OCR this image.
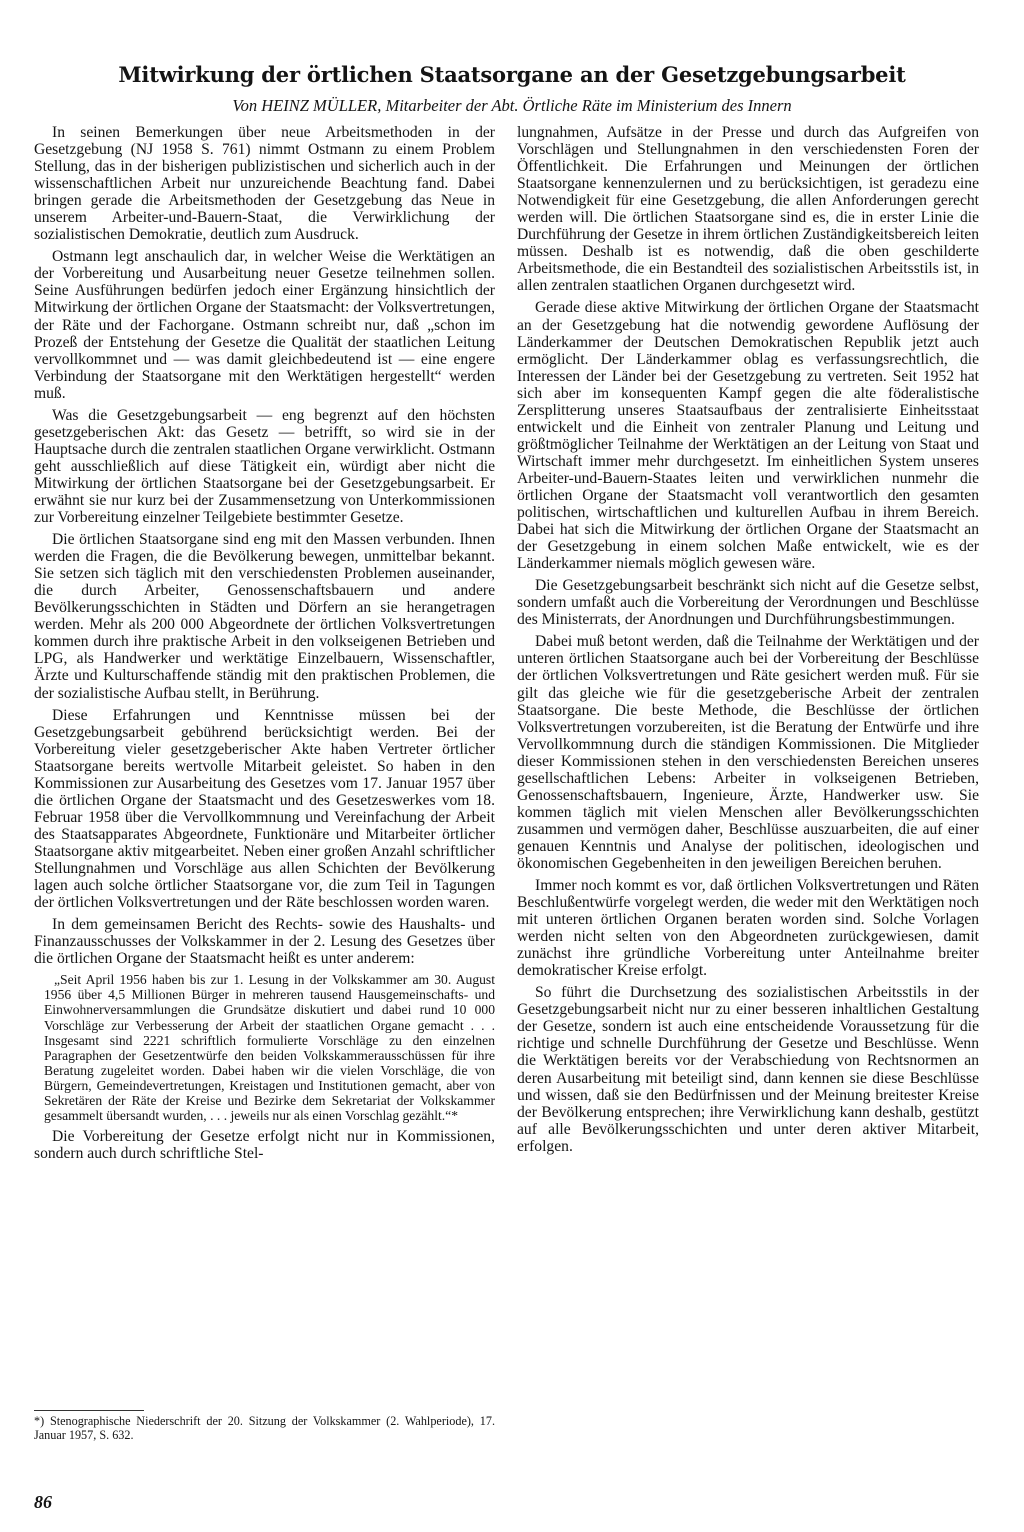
Mitwirkung der örtlichen Staatsorgane an der Gesetzgebungsarbeit
Von HEINZ MÜLLER, Mitarbeiter der Abt. Örtliche Räte im Ministerium des Innern

In seinen Bemerkungen über neue Arbeitsmethoden in der Gesetzgebung (NJ 1958 S. 761) nimmt Ostmann zu einem Problem Stellung, das in der bisherigen publizistischen und sicherlich auch in der wissenschaftlichen Arbeit nur unzureichende Beachtung fand. Dabei bringen gerade die Arbeitsmethoden der Gesetzgebung das Neue in unserem Arbeiter-und-Bauern-Staat, die Verwirklichung der sozialistischen Demokratie, deutlich zum Ausdruck.

Ostmann legt anschaulich dar, in welcher Weise die Werktätigen an der Vorbereitung und Ausarbeitung neuer Gesetze teilnehmen sollen. Seine Ausführungen bedürfen jedoch einer Ergänzung hinsichtlich der Mitwirkung der örtlichen Organe der Staatsmacht: der Volksvertretungen, der Räte und der Fachorgane. Ostmann schreibt nur, daß „schon im Prozeß der Entstehung der Gesetze die Qualität der staatlichen Leitung vervollkommnet und — was damit gleichbedeutend ist — eine engere Verbindung der Staatsorgane mit den Werktätigen hergestellt“ werden muß.

Was die Gesetzgebungsarbeit — eng begrenzt auf den höchsten gesetzgeberischen Akt: das Gesetz — betrifft, so wird sie in der Hauptsache durch die zentralen staatlichen Organe verwirklicht. Ostmann geht ausschließlich auf diese Tätigkeit ein, würdigt aber nicht die Mitwirkung der örtlichen Staatsorgane bei der Gesetzgebungsarbeit. Er erwähnt sie nur kurz bei der Zusammensetzung von Unterkommissionen zur Vorbereitung einzelner Teilgebiete bestimmter Gesetze.

Die örtlichen Staatsorgane sind eng mit den Massen verbunden. Ihnen werden die Fragen, die die Bevölkerung bewegen, unmittelbar bekannt. Sie setzen sich täglich mit den verschiedensten Problemen auseinander, die durch Arbeiter, Genossenschaftsbauern und andere Bevölkerungsschichten in Städten und Dörfern an sie herangetragen werden. Mehr als 200 000 Abgeordnete der örtlichen Volksvertretungen kommen durch ihre praktische Arbeit in den volkseigenen Betrieben und LPG, als Handwerker und werktätige Einzelbauern, Wissenschaftler, Ärzte und Kulturschaffende ständig mit den praktischen Problemen, die der sozialistische Aufbau stellt, in Berührung.

Diese Erfahrungen und Kenntnisse müssen bei der Gesetzgebungsarbeit gebührend berücksichtigt werden. Bei der Vorbereitung vieler gesetzgeberischer Akte haben Vertreter örtlicher Staatsorgane bereits wertvolle Mitarbeit geleistet. So haben in den Kommissionen zur Ausarbeitung des Gesetzes vom 17. Januar 1957 über die örtlichen Organe der Staatsmacht und des Gesetzeswerkes vom 18. Februar 1958 über die Vervollkommnung und Vereinfachung der Arbeit des Staatsapparates Abgeordnete, Funktionäre und Mitarbeiter örtlicher Staatsorgane aktiv mitgearbeitet. Neben einer großen Anzahl schriftlicher Stellungnahmen und Vorschläge aus allen Schichten der Bevölkerung lagen auch solche örtlicher Staatsorgane vor, die zum Teil in Tagungen der örtlichen Volksvertretungen und der Räte beschlossen worden waren.

In dem gemeinsamen Bericht des Rechts- sowie des Haushalts- und Finanzausschusses der Volkskammer in der 2. Lesung des Gesetzes über die örtlichen Organe der Staatsmacht heißt es unter anderem:

„Seit April 1956 haben bis zur 1. Lesung in der Volkskammer am 30. August 1956 über 4,5 Millionen Bürger in mehreren tausend Hausgemeinschafts- und Einwohnerversammlungen die Grundsätze diskutiert und dabei rund 10 000 Vorschläge zur Verbesserung der Arbeit der staatlichen Organe gemacht . . . Insgesamt sind 2221 schriftlich formulierte Vorschläge zu den einzelnen Paragraphen der Gesetzentwürfe den beiden Volkskammerausschüssen für ihre Beratung zugeleitet worden. Dabei haben wir die vielen Vorschläge, die von Bürgern, Gemeindevertretungen, Kreistagen und Institutionen gemacht, aber von Sekretären der Räte der Kreise und Bezirke dem Sekretariat der Volkskammer gesammelt übersandt wurden, . . . jeweils nur als einen Vorschlag gezählt.“*

Die Vorbereitung der Gesetze erfolgt nicht nur in Kommissionen, sondern auch durch schriftliche Stel-

lungnahmen, Aufsätze in der Presse und durch das Aufgreifen von Vorschlägen und Stellungnahmen in den verschiedensten Foren der Öffentlichkeit. Die Erfahrungen und Meinungen der örtlichen Staatsorgane kennenzulernen und zu berücksichtigen, ist geradezu eine Notwendigkeit für eine Gesetzgebung, die allen Anforderungen gerecht werden will. Die örtlichen Staatsorgane sind es, die in erster Linie die Durchführung der Gesetze in ihrem örtlichen Zuständigkeitsbereich leiten müssen. Deshalb ist es notwendig, daß die oben geschilderte Arbeitsmethode, die ein Bestandteil des sozialistischen Arbeitsstils ist, in allen zentralen staatlichen Organen durchgesetzt wird.

Gerade diese aktive Mitwirkung der örtlichen Organe der Staatsmacht an der Gesetzgebung hat die notwendig gewordene Auflösung der Länderkammer der Deutschen Demokratischen Republik jetzt auch ermöglicht. Der Länderkammer oblag es verfassungsrechtlich, die Interessen der Länder bei der Gesetzgebung zu vertreten. Seit 1952 hat sich aber im konsequenten Kampf gegen die alte föderalistische Zersplitterung unseres Staatsaufbaus der zentralisierte Einheitsstaat entwickelt und die Einheit von zentraler Planung und Leitung und größtmöglicher Teilnahme der Werktätigen an der Leitung von Staat und Wirtschaft immer mehr durchgesetzt. Im einheitlichen System unseres Arbeiter-und-Bauern-Staates leiten und verwirklichen nunmehr die örtlichen Organe der Staatsmacht voll verantwortlich den gesamten politischen, wirtschaftlichen und kulturellen Aufbau in ihrem Bereich. Dabei hat sich die Mitwirkung der örtlichen Organe der Staatsmacht an der Gesetzgebung in einem solchen Maße entwickelt, wie es der Länderkammer niemals möglich gewesen wäre.

Die Gesetzgebungsarbeit beschränkt sich nicht auf die Gesetze selbst, sondern umfaßt auch die Vorbereitung der Verordnungen und Beschlüsse des Ministerrats, der Anordnungen und Durchführungsbestimmungen.

Dabei muß betont werden, daß die Teilnahme der Werktätigen und der unteren örtlichen Staatsorgane auch bei der Vorbereitung der Beschlüsse der örtlichen Volksvertretungen und Räte gesichert werden muß. Für sie gilt das gleiche wie für die gesetzgeberische Arbeit der zentralen Staatsorgane. Die beste Methode, die Beschlüsse der örtlichen Volksvertretungen vorzubereiten, ist die Beratung der Entwürfe und ihre Vervollkommnung durch die ständigen Kommissionen. Die Mitglieder dieser Kommissionen stehen in den verschiedensten Bereichen unseres gesellschaftlichen Lebens: Arbeiter in volkseigenen Betrieben, Genossenschaftsbauern, Ingenieure, Ärzte, Handwerker usw. Sie kommen täglich mit vielen Menschen aller Bevölkerungsschichten zusammen und vermögen daher, Beschlüsse auszuarbeiten, die auf einer genauen Kenntnis und Analyse der politischen, ideologischen und ökonomischen Gegebenheiten in den jeweiligen Bereichen beruhen.

Immer noch kommt es vor, daß örtlichen Volksvertretungen und Räten Beschlußentwürfe vorgelegt werden, die weder mit den Werktätigen noch mit unteren örtlichen Organen beraten worden sind. Solche Vorlagen werden nicht selten von den Abgeordneten zurückgewiesen, damit zunächst ihre gründliche Vorbereitung unter Anteilnahme breiter demokratischer Kreise erfolgt.

So führt die Durchsetzung des sozialistischen Arbeitsstils in der Gesetzgebungsarbeit nicht nur zu einer besseren inhaltlichen Gestaltung der Gesetze, sondern ist auch eine entscheidende Voraussetzung für die richtige und schnelle Durchführung der Gesetze und Beschlüsse. Wenn die Werktätigen bereits vor der Verabschiedung von Rechtsnormen an deren Ausarbeitung mit beteiligt sind, dann kennen sie diese Beschlüsse und wissen, daß sie den Bedürfnissen und der Meinung breitester Kreise der Bevölkerung entsprechen; ihre Verwirklichung kann deshalb, gestützt auf alle Bevölkerungsschichten und unter deren aktiver Mitarbeit, erfolgen.

*) Stenographische Niederschrift der 20. Sitzung der Volkskammer (2. Wahlperiode), 17. Januar 1957, S. 632.
86
